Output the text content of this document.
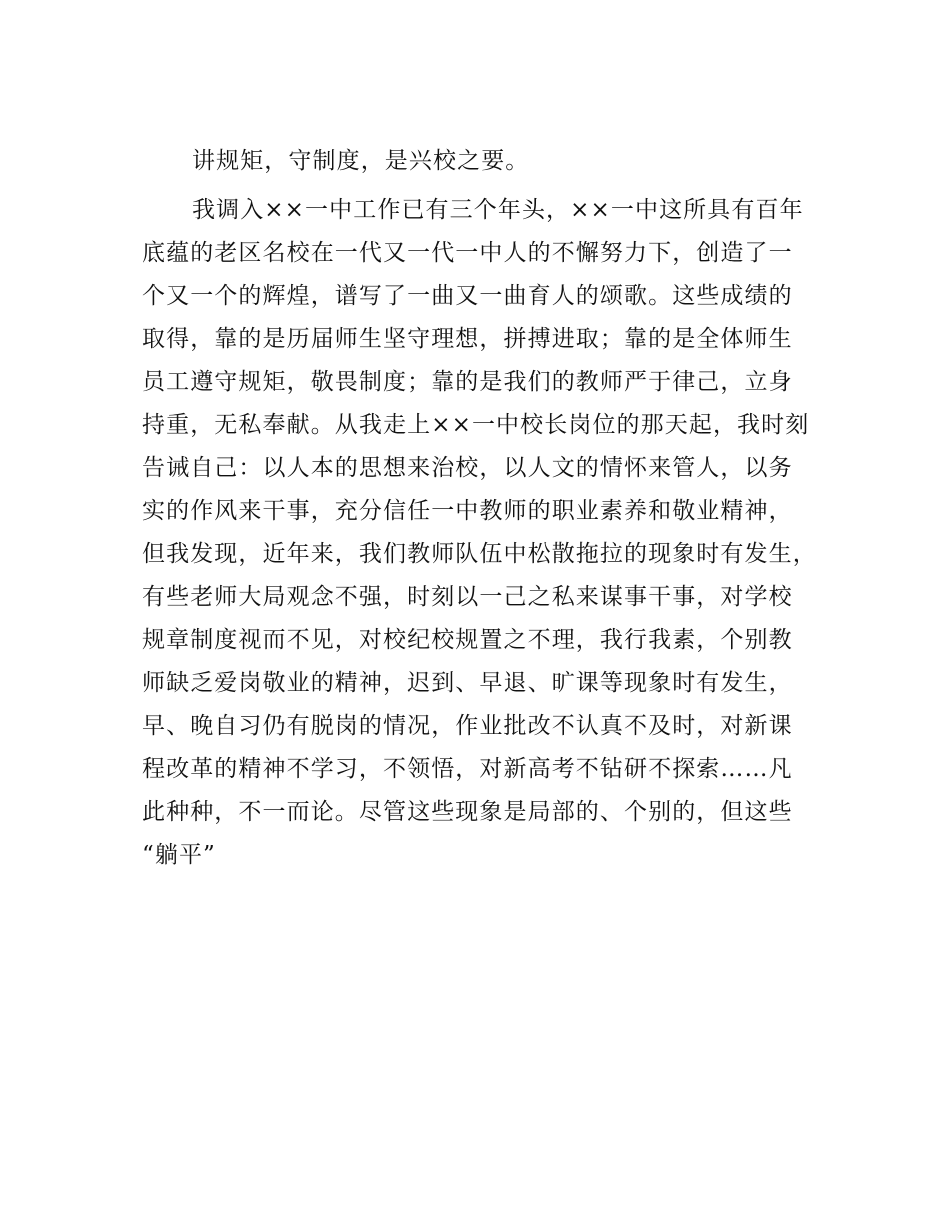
讲规矩，守制度，是兴校之要。

我调入××一中工作已有三个年头，××一中这所具有百年
底蕴的老区名校在一代又一代一中人的不懈努力下，创造了一
个又一个的辉煌，谱写了一曲又一曲育人的颂歌。这些成绩的
取得，靠的是历届师生坚守理想，拼搏进取；靠的是全体师生
员工遵守规矩，敬畏制度；靠的是我们的教师严于律己，立身
持重，无私奉献。从我走上××一中校长岗位的那天起，我时刻
告诫自己：以人本的思想来治校，以人文的情怀来管人，以务
实的作风来干事，充分信任一中教师的职业素养和敬业精神，
但我发现，近年来，我们教师队伍中松散拖拉的现象时有发生，
有些老师大局观念不强，时刻以一己之私来谋事干事，对学校
规章制度视而不见，对校纪校规置之不理，我行我素，个别教
师缺乏爱岗敬业的精神，迟到、早退、旷课等现象时有发生，
早、晚自习仍有脱岗的情况，作业批改不认真不及时，对新课
程改革的精神不学习，不领悟，对新高考不钻研不探索……凡
此种种，不一而论。尽管这些现象是局部的、个别的，但这些
“躺平”
